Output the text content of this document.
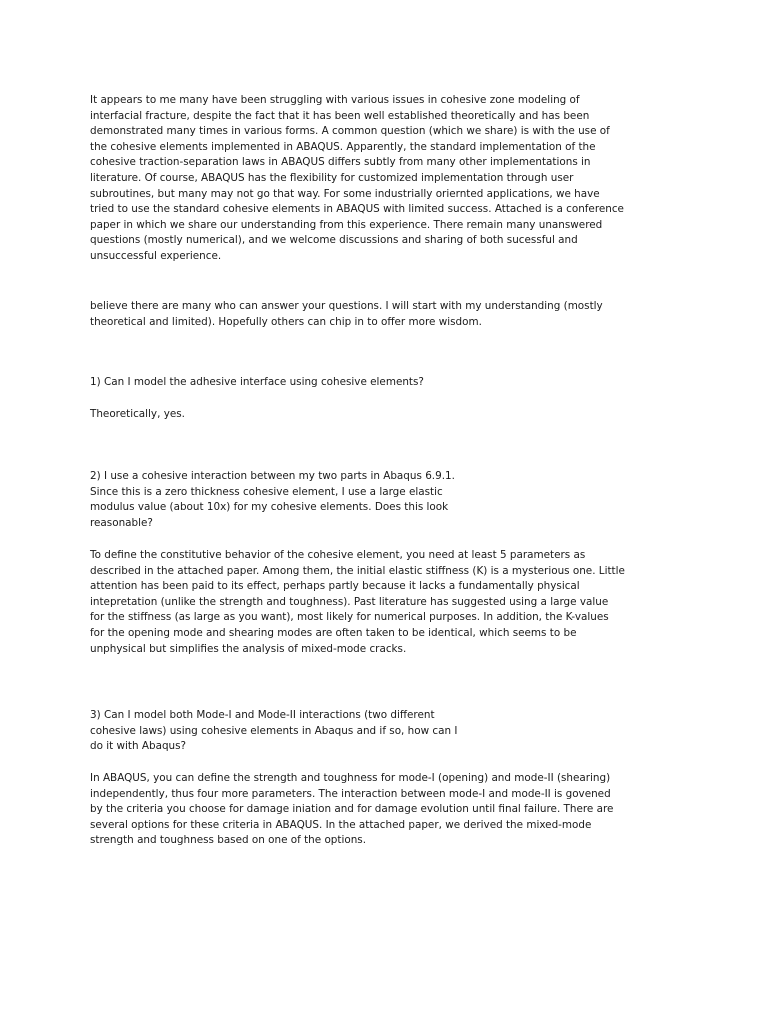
It appears to me many have been struggling with various issues in cohesive zone modeling of
interfacial fracture, despite the fact that it has been well established theoretically and has been
demonstrated many times in various forms. A common question (which we share) is with the use of
the cohesive elements implemented in ABAQUS. Apparently, the standard implementation of the
cohesive traction-separation laws in ABAQUS differs subtly from many other implementations in
literature. Of course, ABAQUS has the flexibility for customized implementation through user
subroutines, but many may not go that way. For some industrially oriernted applications, we have
tried to use the standard cohesive elements in ABAQUS with limited success. Attached is a conference
paper in which we share our understanding from this experience. There remain many unanswered
questions (mostly numerical), and we welcome discussions and sharing of both sucessful and
unsuccessful experience.

believe there are many who can answer your questions. I will start with my understanding (mostly
theoretical and limited). Hopefully others can chip in to offer more wisdom.

1) Can I model the adhesive interface using cohesive elements?

Theoretically, yes.

2) I use a cohesive interaction between my two parts in Abaqus 6.9.1.
Since this is a zero thickness cohesive element, I use a large elastic
modulus value (about 10x) for my cohesive elements. Does this look
reasonable?

To define the constitutive behavior of the cohesive element, you need at least 5 parameters as
described in the attached paper. Among them, the initial elastic stiffness (K) is a mysterious one. Little
attention has been paid to its effect, perhaps partly because it lacks a fundamentally physical
intepretation (unlike the strength and toughness). Past literature has suggested using a large value
for the stiffness (as large as you want), most likely for numerical purposes. In addition, the K-values
for the opening mode and shearing modes are often taken to be identical, which seems to be
unphysical but simplifies the analysis of mixed-mode cracks.

3) Can I model both Mode-I and Mode-II interactions (two different
cohesive laws) using cohesive elements in Abaqus and if so, how can I
do it with Abaqus?

In ABAQUS, you can define the strength and toughness for mode-I (opening) and mode-II (shearing)
independently, thus four more parameters. The interaction between mode-I and mode-II is govened
by the criteria you choose for damage iniation and for damage evolution until final failure. There are
several options for these criteria in ABAQUS. In the attached paper, we derived the mixed-mode
strength and toughness based on one of the options.
